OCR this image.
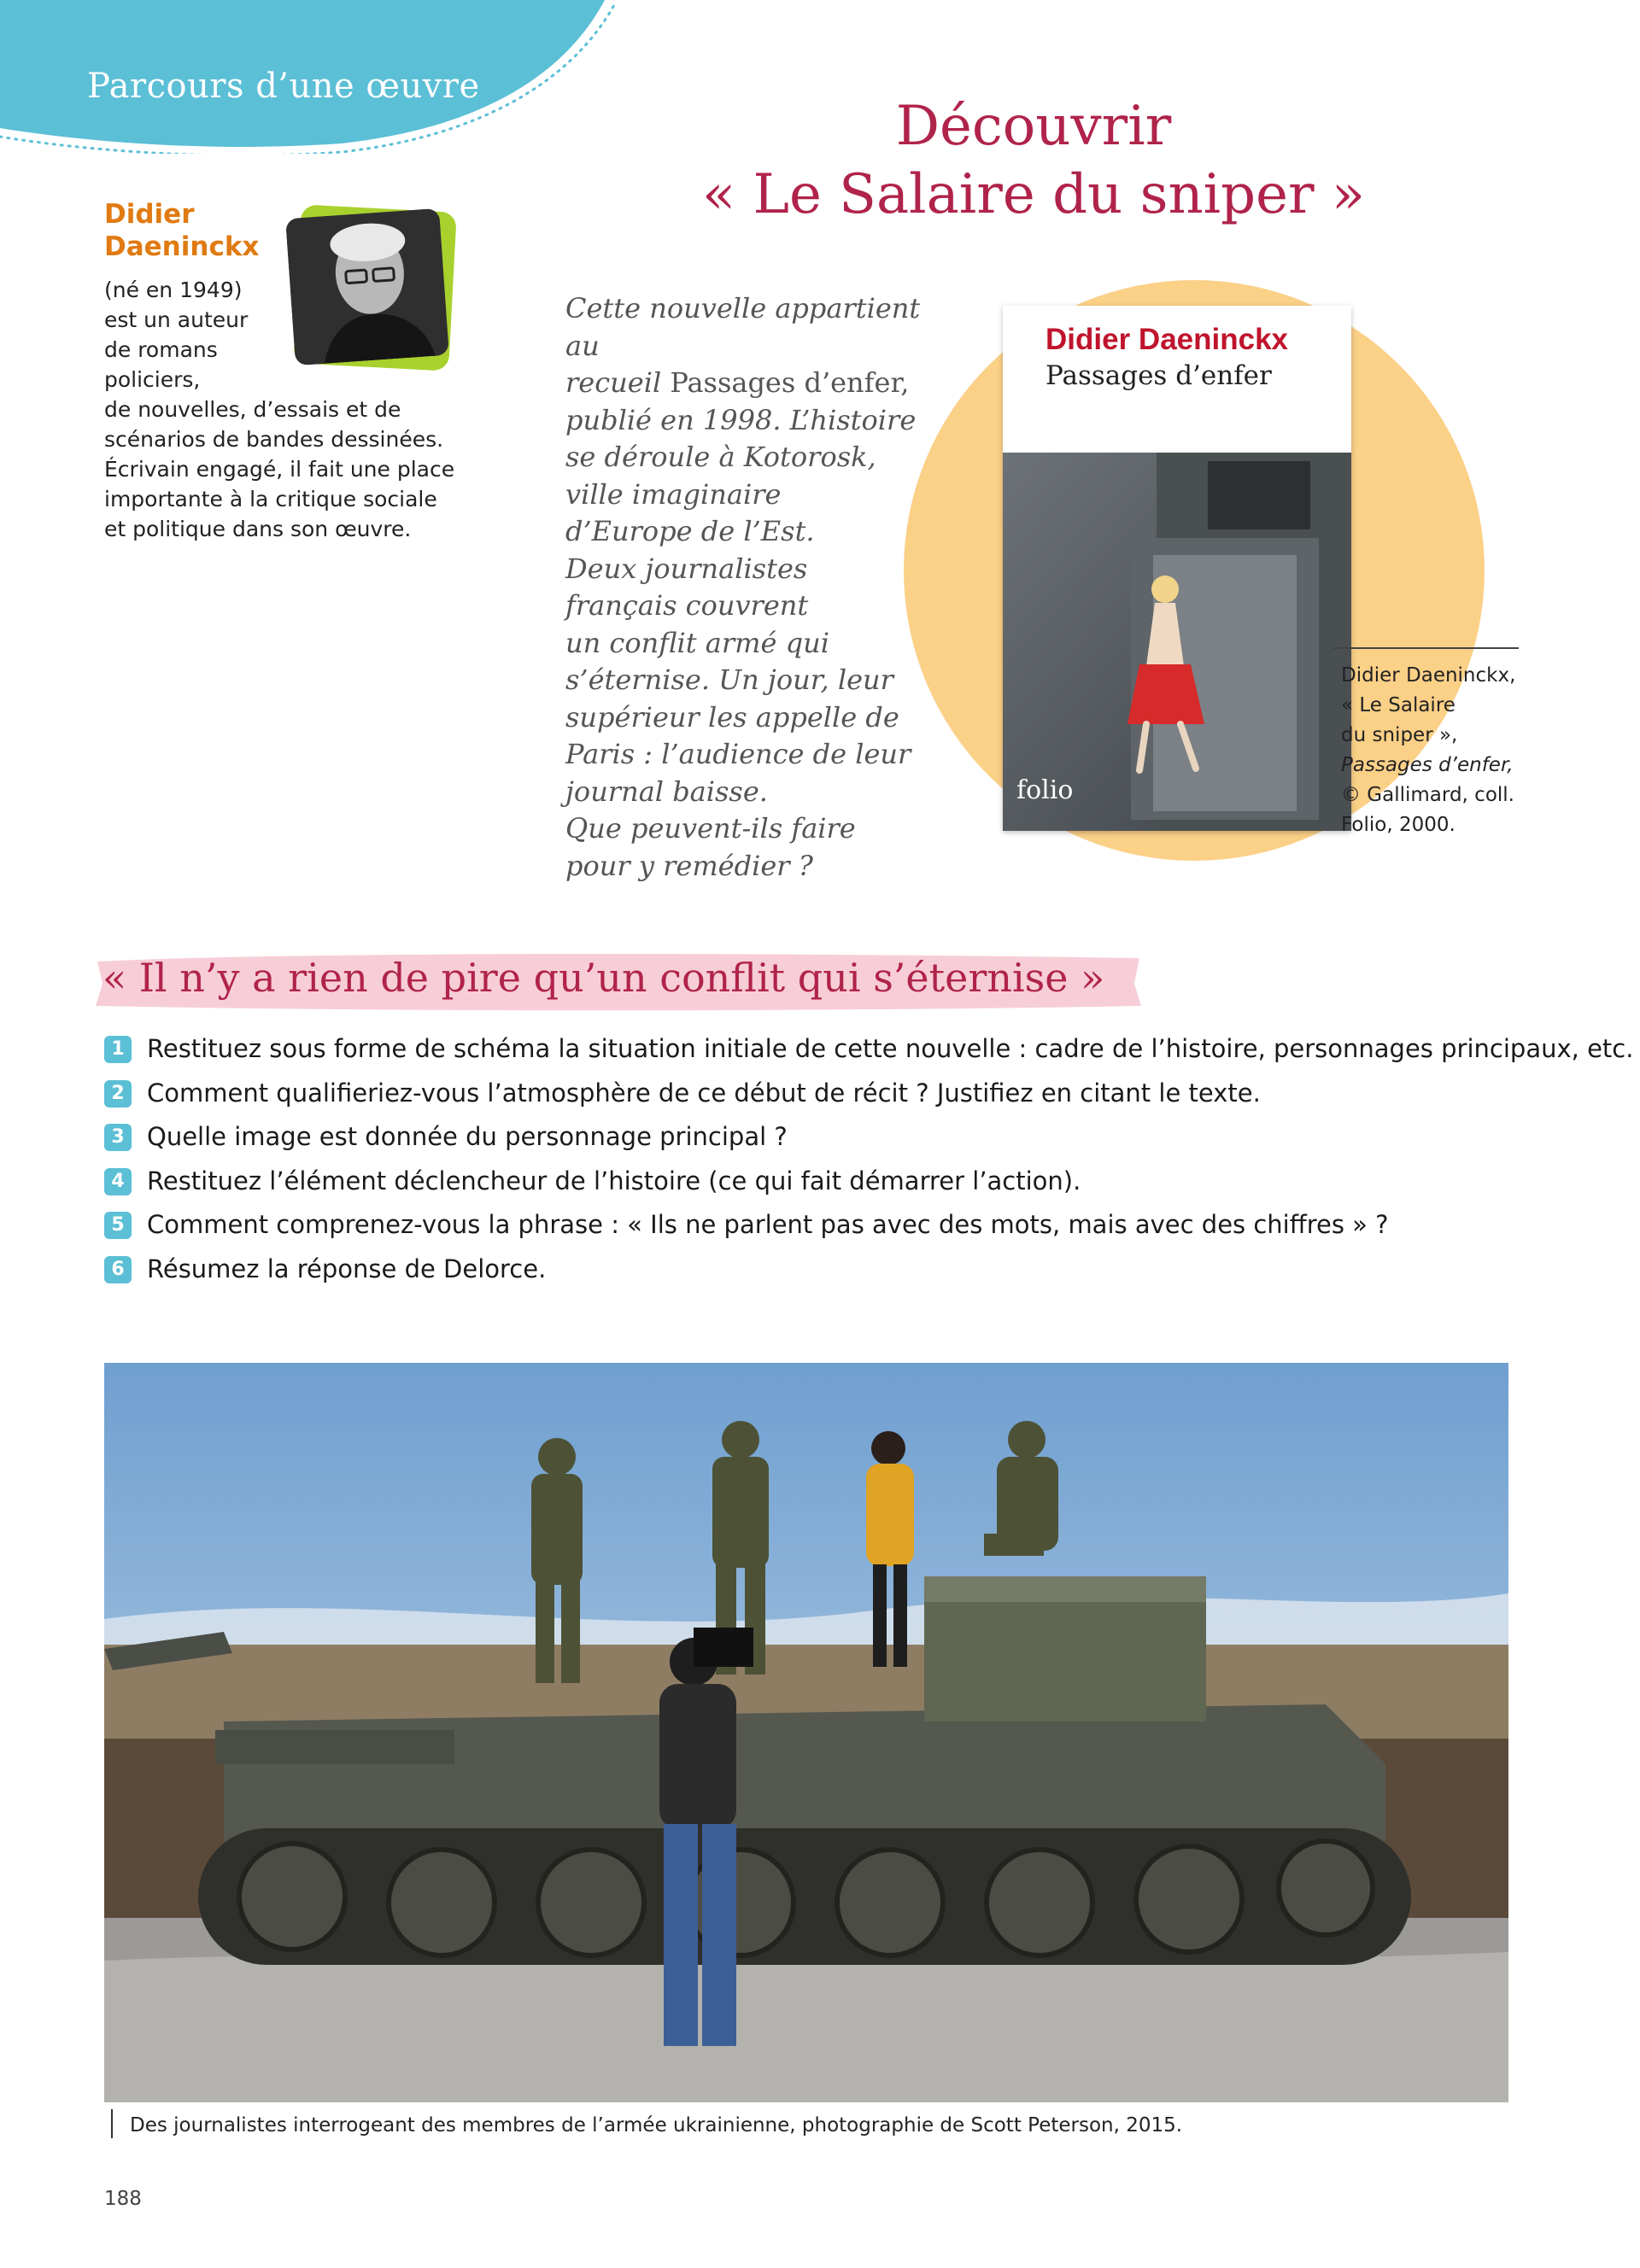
Parcours d’une œuvre
Découvrir
« Le Salaire du sniper »
Didier
Daeninckx
(né en 1949)
est un auteur
de romans
policiers,
de nouvelles, d’essais et de
scénarios de bandes dessinées.
Écrivain engagé, il fait une place
importante à la critique sociale
et politique dans son œuvre.
Cette nouvelle appartient au
recueil Passages d’enfer,
publié en 1998. L’histoire
se déroule à Kotorosk,
ville imaginaire
d’Europe de l’Est.
Deux journalistes
français couvrent
un conflit armé qui
s’éternise. Un jour, leur
supérieur les appelle de
Paris : l’audience de leur
journal baisse.
Que peuvent-ils faire
pour y remédier ?
Didier Daeninckx
Passages d’enfer
folio
Didier Daeninckx,
« Le Salaire
du sniper »,
Passages d’enfer,
© Gallimard, coll.
Folio, 2000.
« Il n’y a rien de pire qu’un conflit qui s’éternise »
1 Restituez sous forme de schéma la situation initiale de cette nouvelle : cadre de l’histoire, personnages principaux, etc.
2 Comment qualifieriez-vous l’atmosphère de ce début de récit ? Justifiez en citant le texte.
3 Quelle image est donnée du personnage principal ?
4 Restituez l’élément déclencheur de l’histoire (ce qui fait démarrer l’action).
5 Comment comprenez-vous la phrase : « Ils ne parlent pas avec des mots, mais avec des chiffres » ?
6 Résumez la réponse de Delorce.
Des journalistes interrogeant des membres de l’armée ukrainienne, photographie de Scott Peterson, 2015.
188
